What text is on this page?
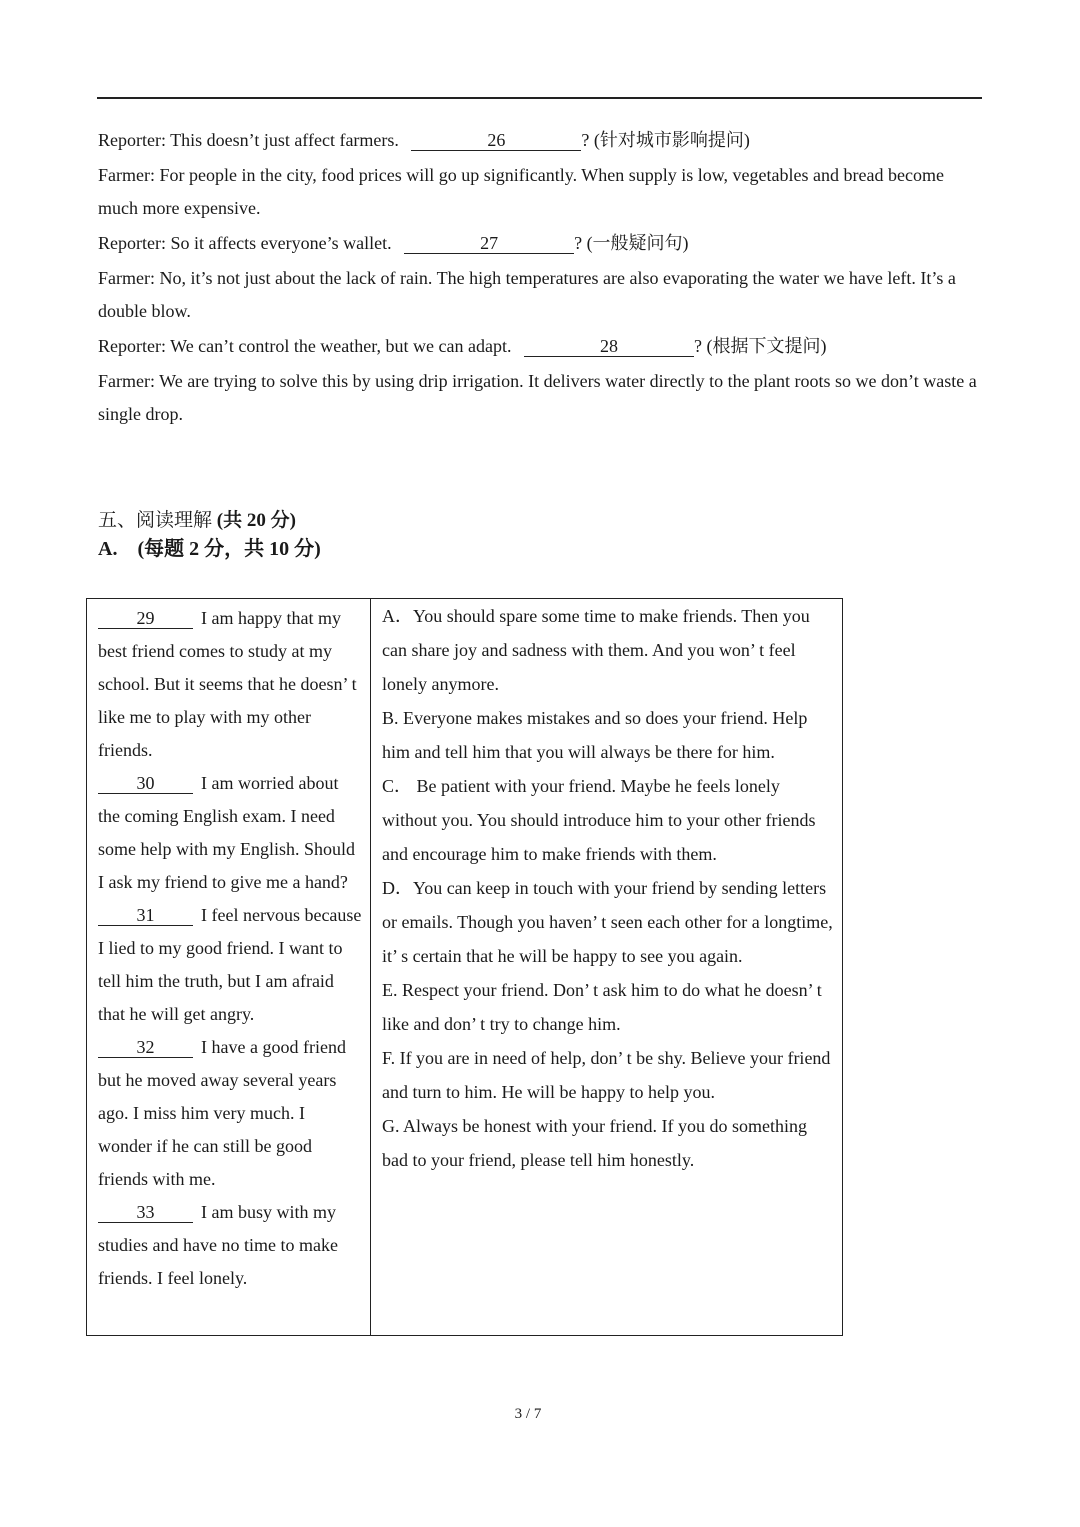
Reporter: This doesn’t just affect farmers.	26	? (针对城市影响提问)
Farmer: For people in the city, food prices will go up significantly. When supply is low, vegetables and bread become much more expensive.
Reporter: So it affects everyone’s wallet.	27	? (一般疑问句)
Farmer: No, it’s not just about the lack of rain. The high temperatures are also evaporating the water we have left. It’s a double blow.
Reporter: We can’t control the weather, but we can adapt.	28	? (根据下文提问)
Farmer: We are trying to solve this by using drip irrigation. It delivers water directly to the plant roots so we don’t waste a single drop.
五、阅读理解 (共 20 分)
A. (每题 2 分，共 10 分)

29	I am happy that my best friend comes to study at my school. But it seems that he doesn’ t like me to play with my other friends.

30	I am worried about the coming English exam. I need some help with my English. Should I ask my friend to give me a hand?

31	I feel nervous because I lied to my good friend. I want to tell him the truth, but I am afraid that he will get angry.

32	I have a good friend but he moved away several years ago. I miss him very much. I wonder if he can still be good friends with me.

33	I am busy with my studies and have no time to make friends. I feel lonely.

A．You should spare some time to make friends. Then you can share joy and sadness with them. And you won’ t feel lonely anymore.

B. Everyone makes mistakes and so does your friend. Help him and tell him that you will always be there for him.

C． Be patient with your friend. Maybe he feels lonely without you. You should introduce him to your other friends and encourage him to make friends with them.

D．You can keep in touch with your friend by sending letters or emails. Though you haven’ t seen each other for a longtime, it’ s certain that he will be happy to see you again.

E. Respect your friend. Don’ t ask him to do what he doesn’ t like and don’ t try to change him.

F. If you are in need of help, don’ t be shy. Believe your friend and turn to him. He will be happy to help you.

G. Always be honest with your friend. If you do something bad to your friend, please tell him honestly.

3 / 7
